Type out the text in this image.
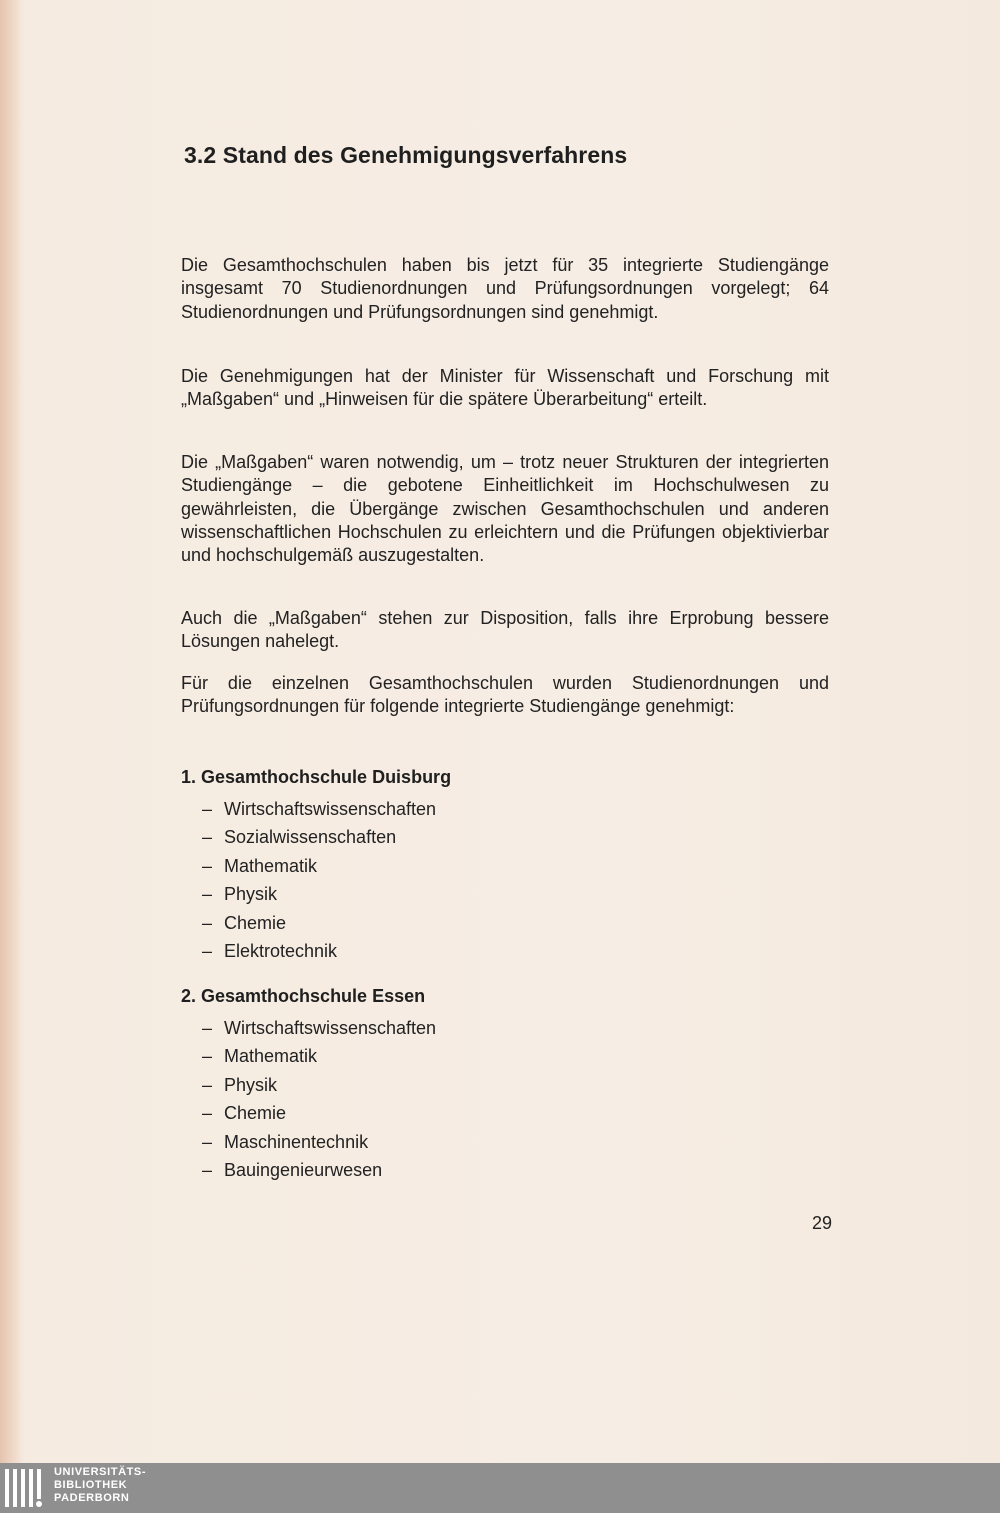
3.2 Stand des Genehmigungsverfahrens

Die Gesamthochschulen haben bis jetzt für 35 integrierte Studiengänge insgesamt 70 Studienordnungen und Prüfungsordnungen vorgelegt; 64 Studienordnungen und Prüfungsordnungen sind genehmigt.

Die Genehmigungen hat der Minister für Wissenschaft und Forschung mit „Maßgaben“ und „Hinweisen für die spätere Überarbeitung“ erteilt.

Die „Maßgaben“ waren notwendig, um – trotz neuer Strukturen der integrierten Studiengänge – die gebotene Einheitlichkeit im Hochschulwesen zu gewährleisten, die Übergänge zwischen Gesamthochschulen und anderen wissenschaftlichen Hochschulen zu erleichtern und die Prüfungen objektivierbar und hochschulgemäß auszugestalten.

Auch die „Maßgaben“ stehen zur Disposition, falls ihre Erprobung bessere Lösungen nahelegt.

Für die einzelnen Gesamthochschulen wurden Studienordnungen und Prüfungsordnungen für folgende integrierte Studiengänge genehmigt:

1. Gesamthochschule Duisburg
– Wirtschaftswissenschaften
– Sozialwissenschaften
– Mathematik
– Physik
– Chemie
– Elektrotechnik
2. Gesamthochschule Essen
– Wirtschaftswissenschaften
– Mathematik
– Physik
– Chemie
– Maschinentechnik
– Bauingenieurwesen
29
UNIVERSITÄTS-
BIBLIOTHEK
PADERBORN
